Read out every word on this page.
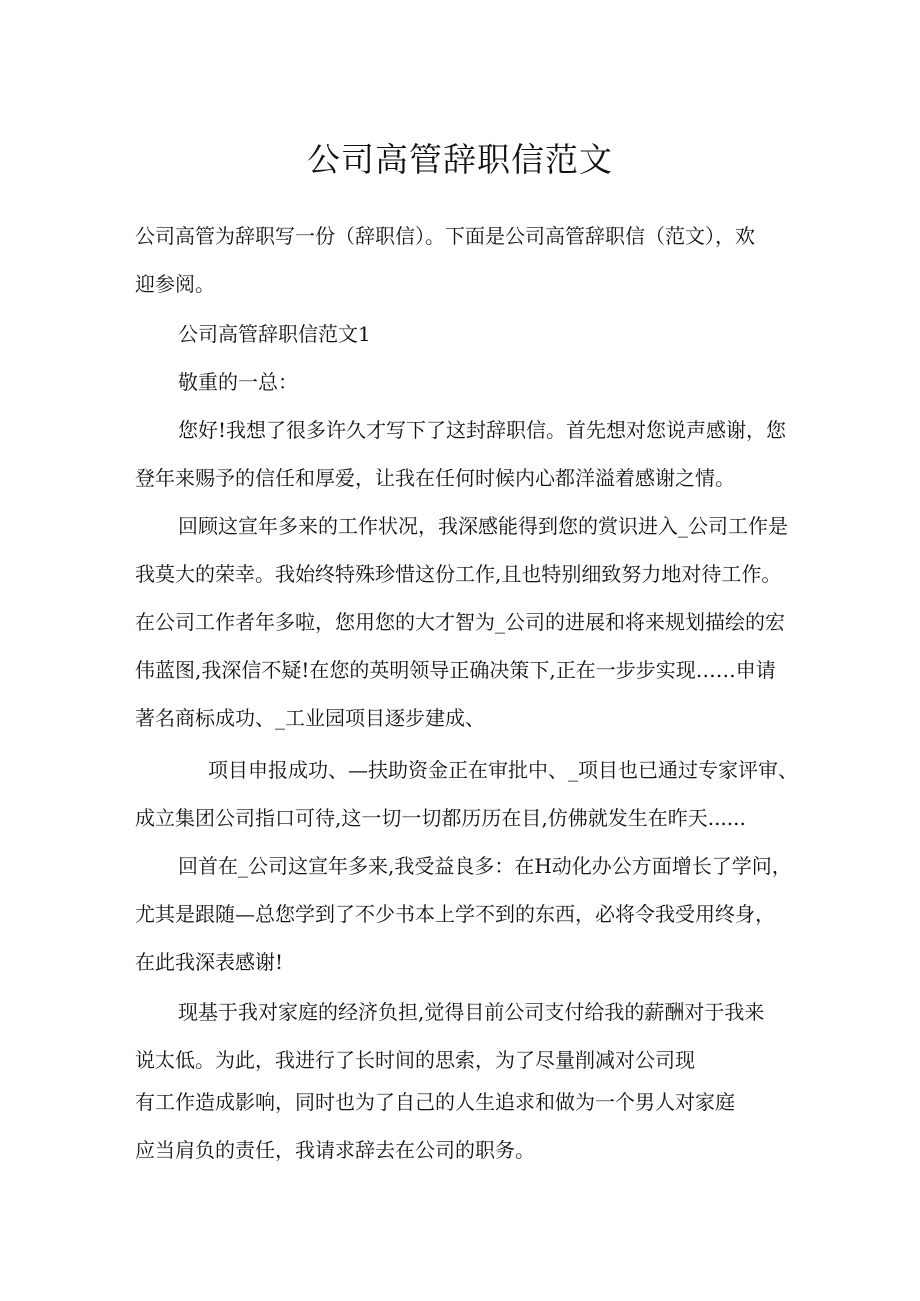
公司高管辞职信范文

公司高管为辞职写一份（辞职信）。下面是公司高管辞职信（范文），欢

迎参阅。

公司高管辞职信范文1

敬重的一总：

您好!我想了很多许久才写下了这封辞职信。首先想对您说声感谢，您

登年来赐予的信任和厚爱，让我在任何时候内心都洋溢着感谢之情。

回顾这宣年多来的工作状况，我深感能得到您的赏识进入_公司工作是

我莫大的荣幸。我始终特殊珍惜这份工作,且也特别细致努力地对待工作。

在公司工作者年多啦，您用您的大才智为_公司的进展和将来规划描绘的宏

伟蓝图,我深信不疑!在您的英明领导正确决策下,正在一步步实现……申请

著名商标成功、_工业园项目逐步建成、

项目申报成功、—扶助资金正在审批中、_项目也已通过专家评审、

成立集团公司指口可待,这一切一切都历历在目,仿佛就发生在昨天......

回首在_公司这宣年多来,我受益良多：在H动化办公方面增长了学问，

尤其是跟随—总您学到了不少书本上学不到的东西，必将令我受用终身，

在此我深表感谢!

现基于我对家庭的经济负担,觉得目前公司支付给我的薪酬对于我来

说太低。为此，我进行了长时间的思索，为了尽量削减对公司现

有工作造成影响，同时也为了自己的人生追求和做为一个男人对家庭

应当肩负的责任，我请求辞去在公司的职务。
